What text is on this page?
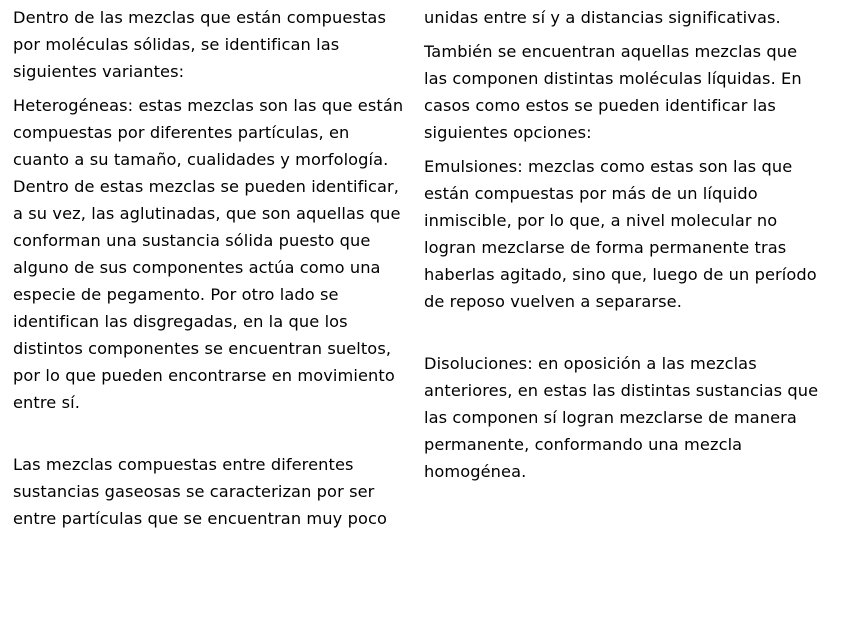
Dentro de las mezclas que están compuestas
por moléculas sólidas, se identifican las
siguientes variantes:

Heterogéneas: estas mezclas son las que están
compuestas por diferentes partículas, en
cuanto a su tamaño, cualidades y morfología.
Dentro de estas mezclas se pueden identificar,
a su vez, las aglutinadas, que son aquellas que
conforman una sustancia sólida puesto que
alguno de sus componentes actúa como una
especie de pegamento. Por otro lado se
identifican las disgregadas, en la que los
distintos componentes se encuentran sueltos,
por lo que pueden encontrarse en movimiento
entre sí.

Las mezclas compuestas entre diferentes
sustancias gaseosas se caracterizan por ser
entre partículas que se encuentran muy poco

unidas entre sí y a distancias significativas.

También se encuentran aquellas mezclas que
las componen distintas moléculas líquidas. En
casos como estos se pueden identificar las
siguientes opciones:

Emulsiones: mezclas como estas son las que
están compuestas por más de un líquido
inmiscible, por lo que, a nivel molecular no
logran mezclarse de forma permanente tras
haberlas agitado, sino que, luego de un período
de reposo vuelven a separarse.

Disoluciones: en oposición a las mezclas
anteriores, en estas las distintas sustancias que
las componen sí logran mezclarse de manera
permanente, conformando una mezcla
homogénea.
